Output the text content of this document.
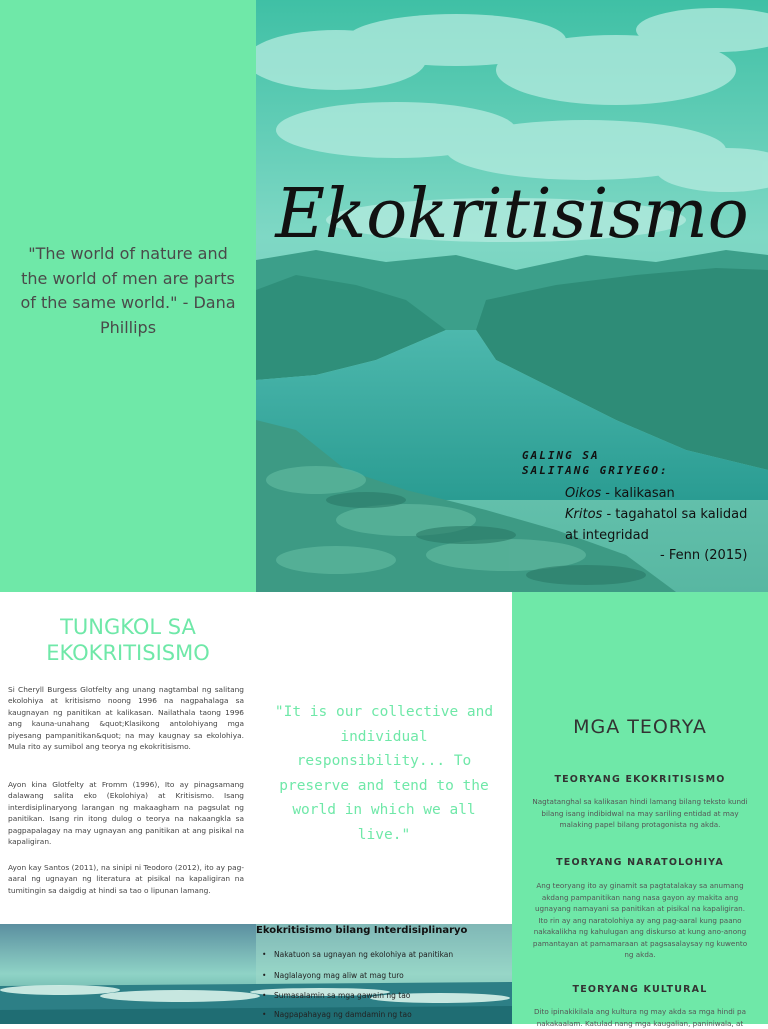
"The world of nature and the world of men are parts of the same world." - Dana Phillips
Ekokritisismo
GALING SA
SALITANG GRIYEGO:
Oikos - kalikasan
Kritos - tagahatol sa kalidad
at integridad
- Fenn (2015)
TUNGKOL SA EKOKRITISISMO
Si Cheryll Burgess Glotfelty ang unang nagtambal ng salitang ekolohiya at kritisismo noong 1996 na nagpahalaga sa kaugnayan ng panitikan at kalikasan. Nailathala taong 1996 ang kauna-unahang &quot;Klasikong antolohiyang mga piyesang pampanitikan&quot; na may kaugnay sa ekolohiya. Mula rito ay sumibol ang teorya ng ekokritisismo.
Ayon kina Glotfelty at Fromm (1996), Ito ay pinagsamang dalawang salita eko (Ekolohiya) at Kritisismo. Isang interdisiplinaryong larangan ng makaagham na pagsulat ng panitikan. Isang rin itong dulog o teorya na nakaangkla sa pagpapalagay na may ugnayan ang panitikan at ang pisikal na kapaligiran.
Ayon kay Santos (2011), na sinipi ni Teodoro (2012), ito ay pag-aaral ng ugnayan ng literatura at pisikal na kapaligiran na tumitingin sa daigdig at hindi sa tao o lipunan lamang.
"It is our collective and individual responsibility... To preserve and tend to the world in which we all live."
MGA TEORYA
TEORYANG EKOKRITISISMO
Nagtatanghal sa kalikasan hindi lamang bilang teksto kundi bilang isang indibidwal na may sariling entidad at may malaking papel bilang protagonista ng akda.
TEORYANG NARATOLOHIYA
Ang teoryang ito ay ginamit sa pagtatalakay sa anumang akdang pampanitikan nang nasa gayon ay makita ang ugnayang namayani sa panitikan at pisikal na kapaligiran. Ito rin ay ang naratolohiya ay ang pag-aaral kung paano nakakalikha ng kahulugan ang diskurso at kung ano-anong pamantayan at pamamaraan at pagsasalaysay ng kuwento ng akda.
TEORYANG KULTURAL
Dito ipinakikilala ang kultura ng may akda sa mga hindi pa nakakaalam. Katulad nang mga kaugalian, paniniwala, at
Ekokritisismo bilang Interdisiplinaryo
• Nakatuon sa ugnayan ng ekolohiya at panitikan
• Naglalayong mag aliw at mag turo
• Sumasalamin sa mga gawain ng tao
• Nagpapahayag ng damdamin ng tao
